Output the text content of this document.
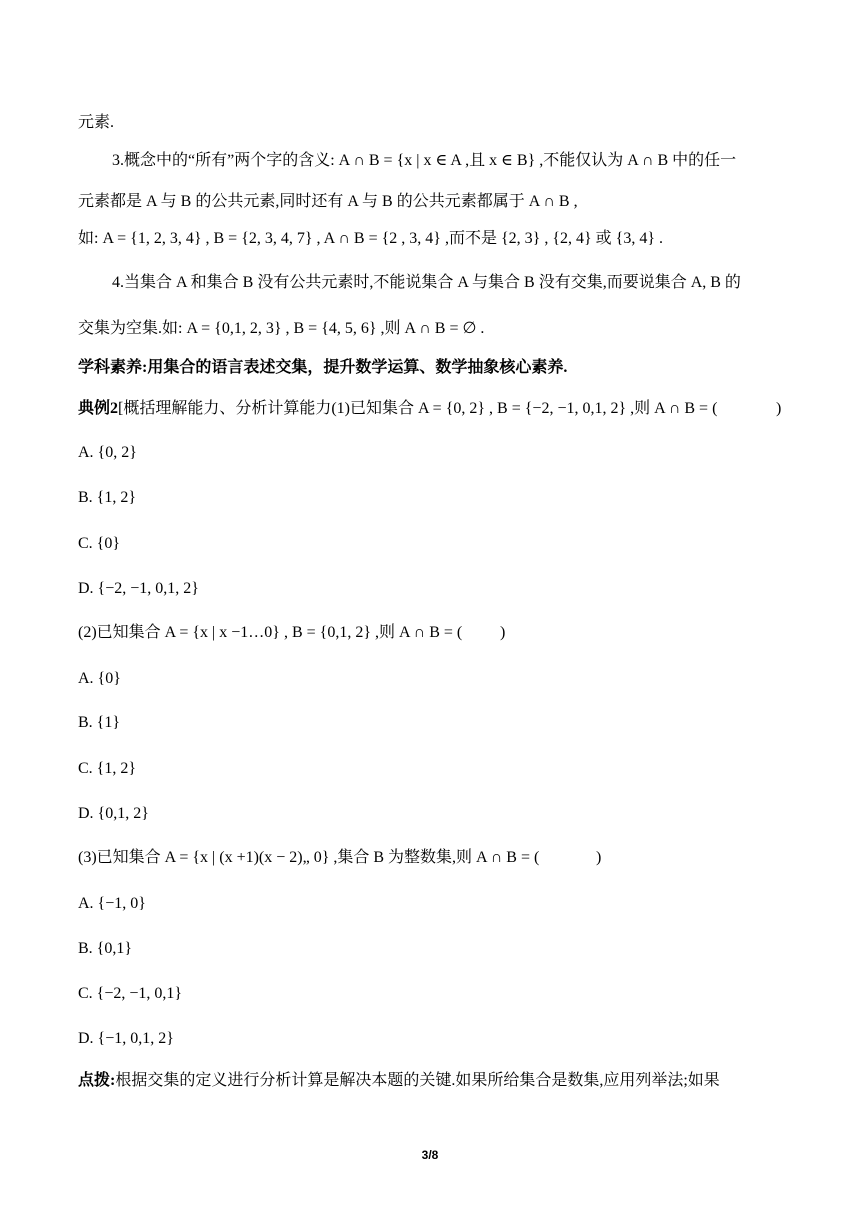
元素.
3.概念中的“所有”两个字的含义: A ∩ B = {x | x ∈ A ,且 x ∈ B} ,不能仅认为 A ∩ B 中的任一
元素都是 A 与 B 的公共元素,同时还有 A 与 B 的公共元素都属于 A ∩ B ,
如: A = {1, 2, 3, 4} , B = {2, 3, 4, 7} , A ∩ B = {2 , 3, 4} ,而不是 {2, 3} , {2, 4} 或 {3, 4} .
4.当集合 A 和集合 B 没有公共元素时,不能说集合 A 与集合 B 没有交集,而要说集合 A, B 的
交集为空集.如: A = {0,1, 2, 3} , B = {4, 5, 6} ,则 A ∩ B = ∅ .
学科素养:用集合的语言表述交集，提升数学运算、数学抽象核心素养.
典例2[概括理解能力、分析计算能力(1)已知集合 A = {0, 2} , B = {−2, −1, 0,1, 2} ,则 A ∩ B = (	)
A. {0, 2}
B. {1, 2}
C. {0}
D. {−2, −1, 0,1, 2}
(2)已知集合 A = {x | x −1…0} , B = {0,1, 2} ,则 A ∩ B = (	)
A. {0}
B. {1}
C. {1, 2}
D. {0,1, 2}
(3)已知集合 A = {x | (x +1)(x − 2)„ 0} ,集合 B 为整数集,则 A ∩ B = (	)
A. {−1, 0}
B. {0,1}
C. {−2, −1, 0,1}
D. {−1, 0,1, 2}
点拨:根据交集的定义进行分析计算是解决本题的关键.如果所给集合是数集,应用列举法;如果
3/8
